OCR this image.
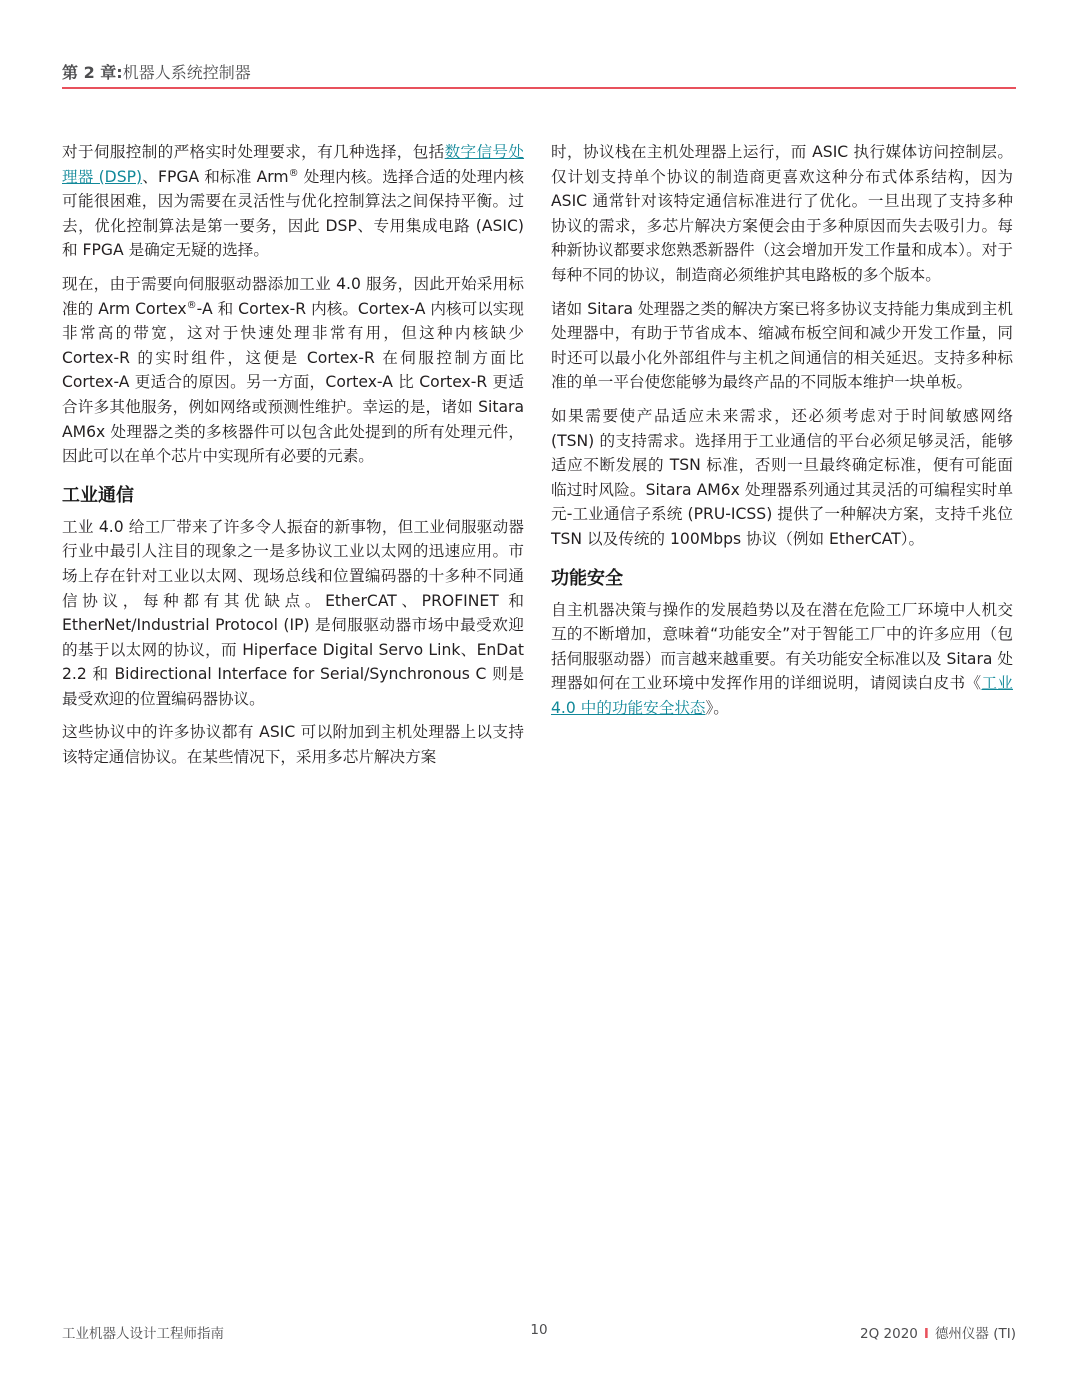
第 2 章:机器人系统控制器

对于伺服控制的严格实时处理要求，有几种选择，包括数字信号处理器 (DSP)、FPGA 和标准 Arm® 处理内核。选择合适的处理内核可能很困难，因为需要在灵活性与优化控制算法之间保持平衡。过去，优化控制算法是第一要务，因此 DSP、专用集成电路 (ASIC) 和 FPGA 是确定无疑的选择。

现在，由于需要向伺服驱动器添加工业 4.0 服务，因此开始采用标准的 Arm Cortex®-A 和 Cortex-R 内核。Cortex-A 内核可以实现非常高的带宽，这对于快速处理非常有用，但这种内核缺少 Cortex-R 的实时组件，这便是 Cortex-R 在伺服控制方面比 Cortex-A 更适合的原因。另一方面，Cortex-A 比 Cortex-R 更适合许多其他服务，例如网络或预测性维护。幸运的是，诸如 Sitara AM6x 处理器之类的多核器件可以包含此处提到的所有处理元件，因此可以在单个芯片中实现所有必要的元素。

工业通信

工业 4.0 给工厂带来了许多令人振奋的新事物，但工业伺服驱动器行业中最引人注目的现象之一是多协议工业以太网的迅速应用。市场上存在针对工业以太网、现场总线和位置编码器的十多种不同通信协议，每种都有其优缺点。EtherCAT、PROFINET 和 EtherNet/Industrial Protocol (IP) 是伺服驱动器市场中最受欢迎的基于以太网的协议，而 Hiperface Digital Servo Link、EnDat 2.2 和 Bidirectional Interface for Serial/Synchronous C 则是最受欢迎的位置编码器协议。

这些协议中的许多协议都有 ASIC 可以附加到主机处理器上以支持该特定通信协议。在某些情况下，采用多芯片解决方案

时，协议栈在主机处理器上运行，而 ASIC 执行媒体访问控制层。仅计划支持单个协议的制造商更喜欢这种分布式体系结构，因为 ASIC 通常针对该特定通信标准进行了优化。一旦出现了支持多种协议的需求，多芯片解决方案便会由于多种原因而失去吸引力。每种新协议都要求您熟悉新器件（这会增加开发工作量和成本）。对于每种不同的协议，制造商必须维护其电路板的多个版本。

诸如 Sitara 处理器之类的解决方案已将多协议支持能力集成到主机处理器中，有助于节省成本、缩减布板空间和减少开发工作量，同时还可以最小化外部组件与主机之间通信的相关延迟。支持多种标准的单一平台使您能够为最终产品的不同版本维护一块单板。

如果需要使产品适应未来需求，还必须考虑对于时间敏感网络 (TSN) 的支持需求。选择用于工业通信的平台必须足够灵活，能够适应不断发展的 TSN 标准，否则一旦最终确定标准，便有可能面临过时风险。Sitara AM6x 处理器系列通过其灵活的可编程实时单元-工业通信子系统 (PRU-ICSS) 提供了一种解决方案，支持千兆位 TSN 以及传统的 100Mbps 协议（例如 EtherCAT）。

功能安全

自主机器决策与操作的发展趋势以及在潜在危险工厂环境中人机交互的不断增加，意味着“功能安全”对于智能工厂中的许多应用（包括伺服驱动器）而言越来越重要。有关功能安全标准以及 Sitara 处理器如何在工业环境中发挥作用的详细说明，请阅读白皮书《工业 4.0 中的功能安全状态》。

10
工业机器人设计工程师指南	2Q 2020 I 德州仪器 (TI)
